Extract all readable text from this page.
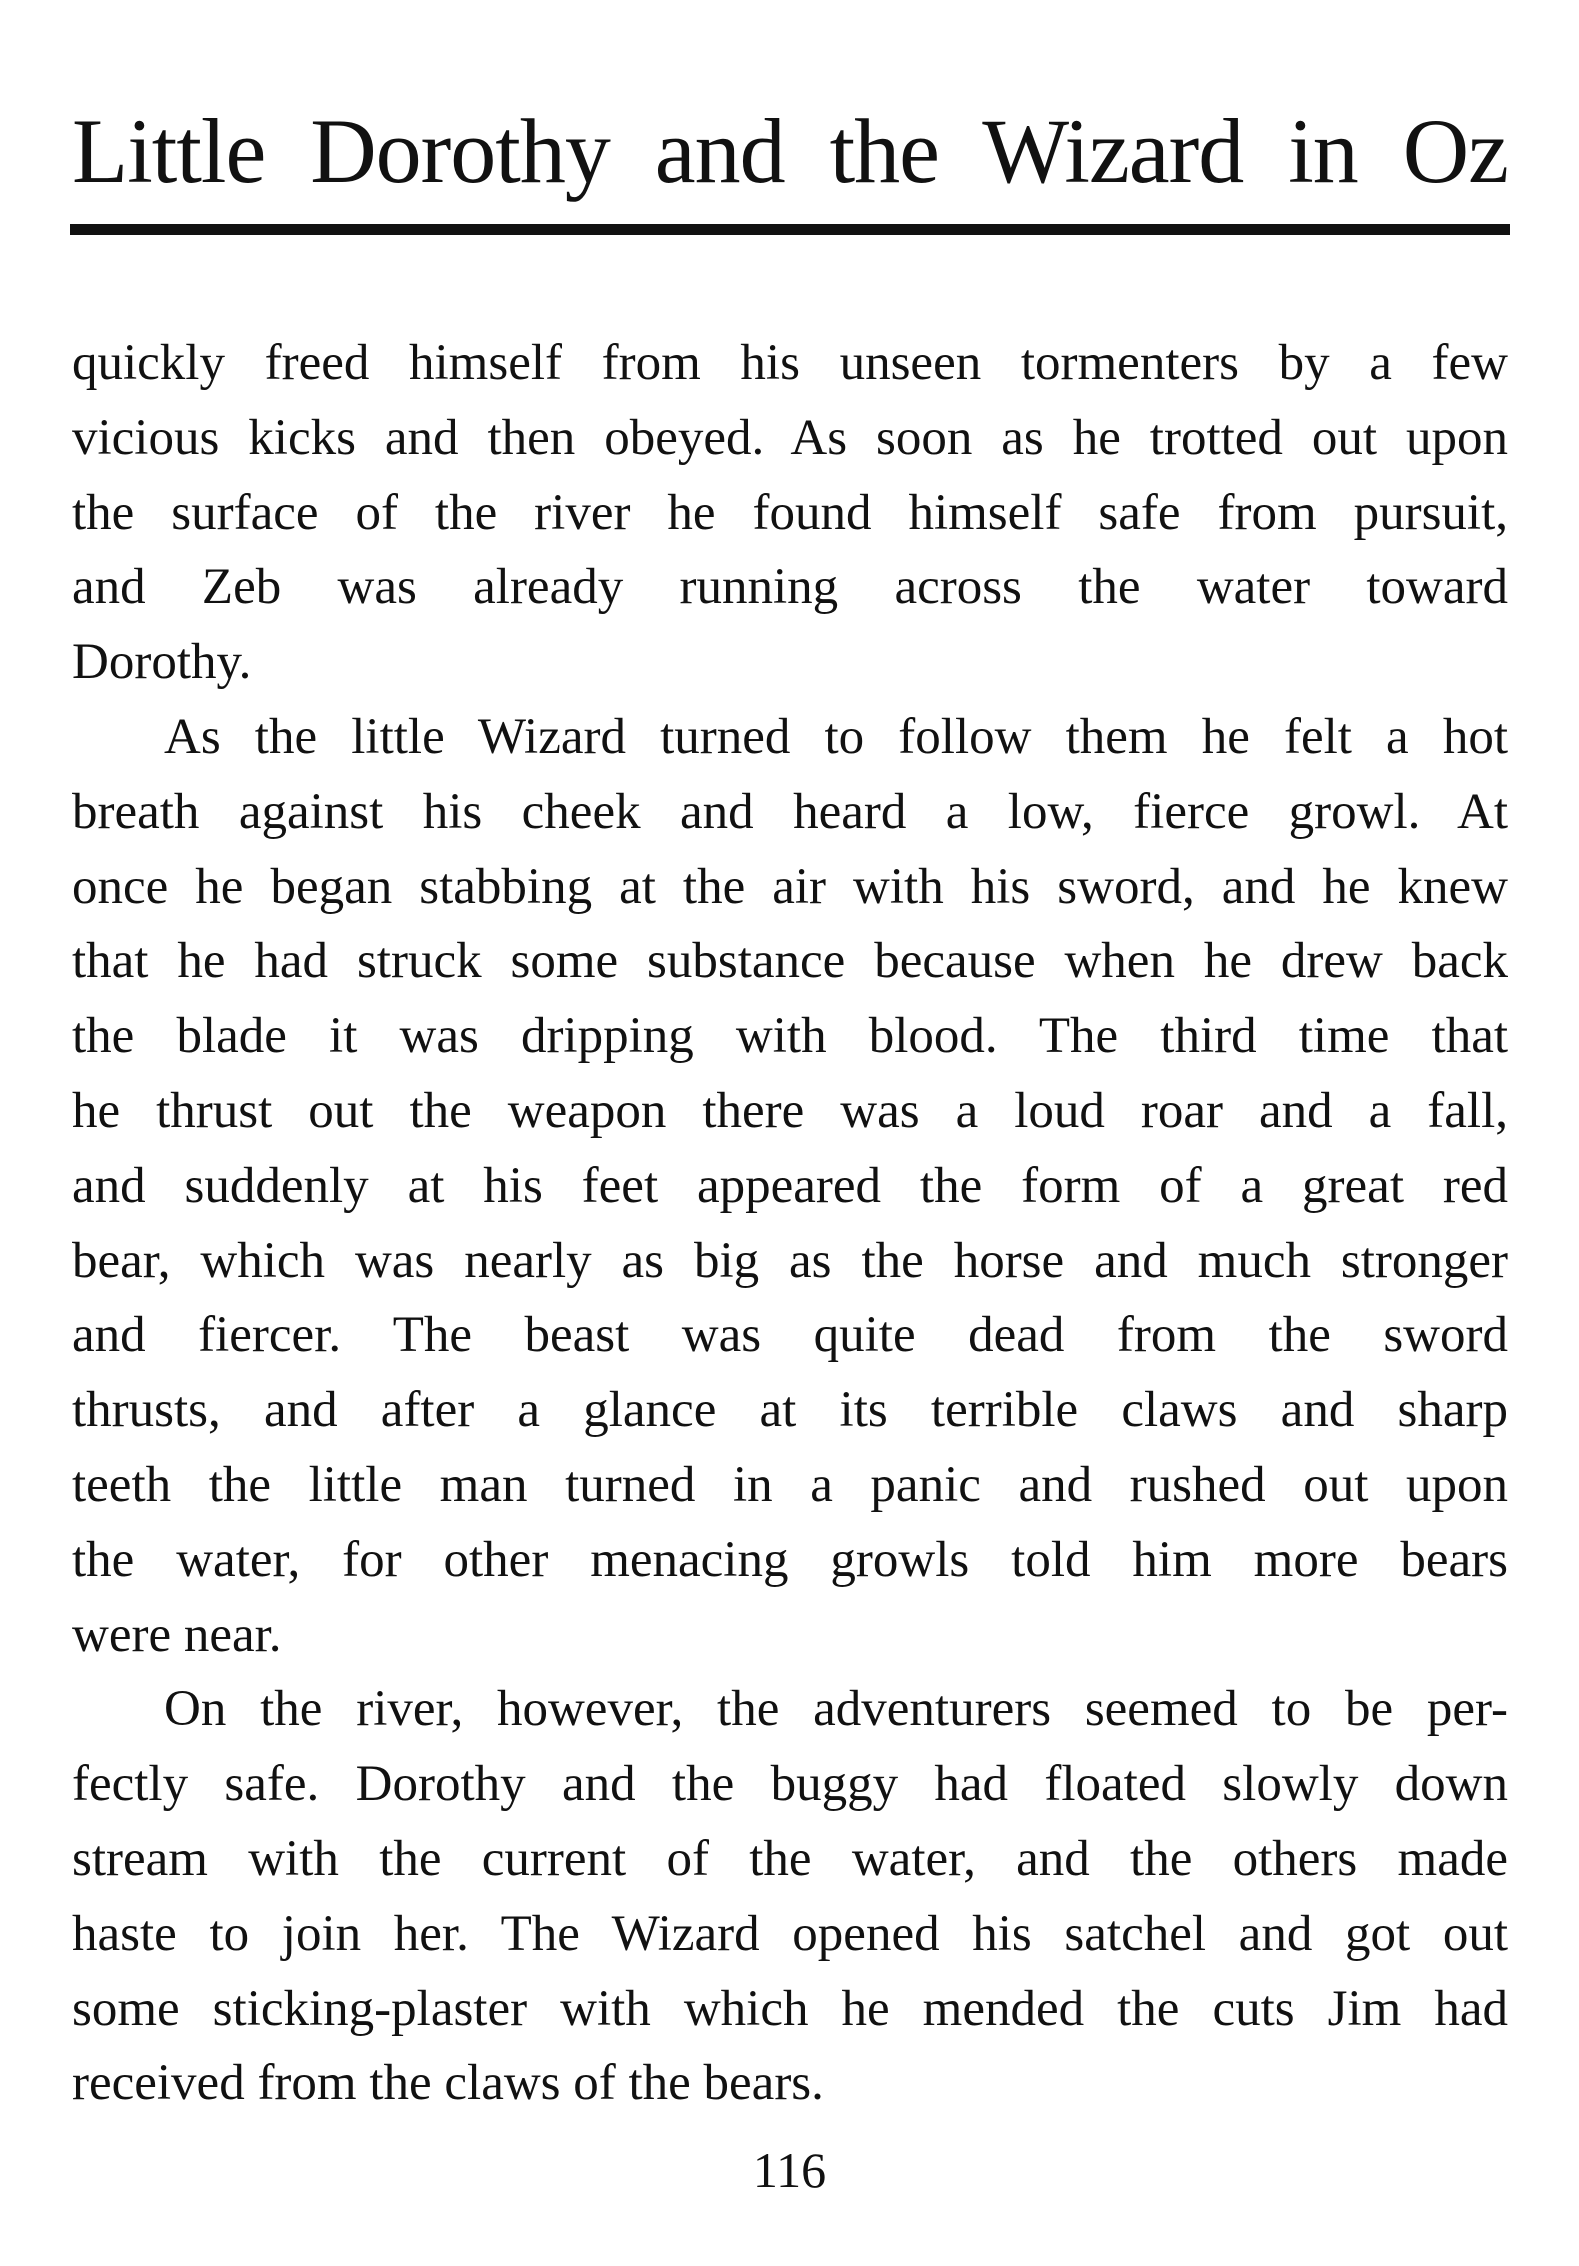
Little Dorothy and the Wizard in Oz
quickly freed himself from his unseen tormenters by a few
vicious kicks and then obeyed. As soon as he trotted out upon
the surface of the river he found himself safe from pursuit,
and Zeb was already running across the water toward
Dorothy.
As the little Wizard turned to follow them he felt a hot
breath against his cheek and heard a low, fierce growl. At
once he began stabbing at the air with his sword, and he knew
that he had struck some substance because when he drew back
the blade it was dripping with blood. The third time that
he thrust out the weapon there was a loud roar and a fall,
and suddenly at his feet appeared the form of a great red
bear, which was nearly as big as the horse and much stronger
and fiercer. The beast was quite dead from the sword
thrusts, and after a glance at its terrible claws and sharp
teeth the little man turned in a panic and rushed out upon
the water, for other menacing growls told him more bears
were near.
On the river, however, the adventurers seemed to be per-
fectly safe. Dorothy and the buggy had floated slowly down
stream with the current of the water, and the others made
haste to join her. The Wizard opened his satchel and got out
some sticking-plaster with which he mended the cuts Jim had
received from the claws of the bears.
116
